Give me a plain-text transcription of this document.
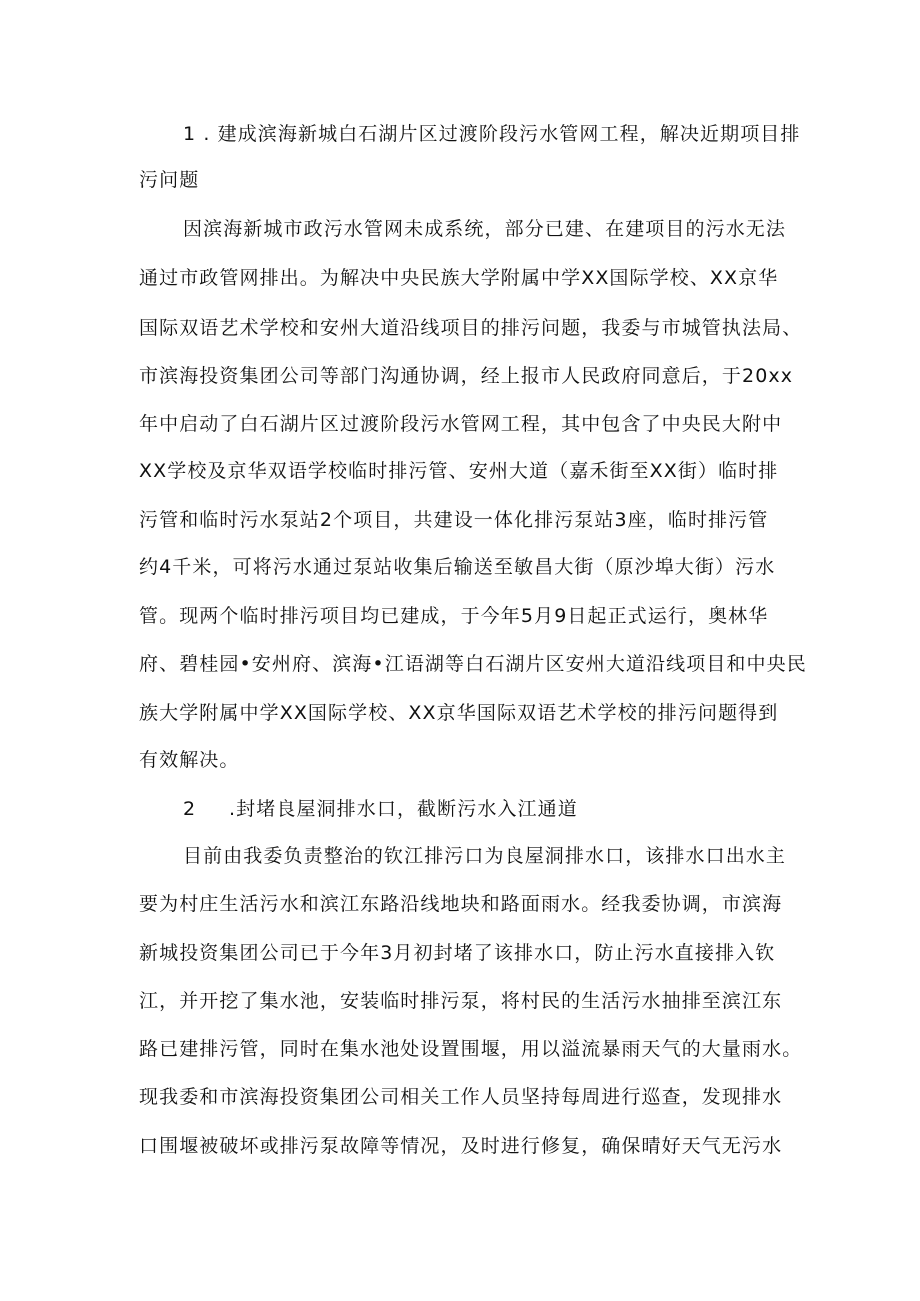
1 . 建成滨海新城白石湖片区过渡阶段污水管网工程，解决近期项目排
污问题
因滨海新城市政污水管网未成系统，部分已建、在建项目的污水无法
通过市政管网排出。为解决中央民族大学附属中学XX国际学校、XX京华
国际双语艺术学校和安州大道沿线项目的排污问题，我委与市城管执法局、
市滨海投资集团公司等部门沟通协调，经上报市人民政府同意后，于20xx
年中启动了白石湖片区过渡阶段污水管网工程，其中包含了中央民大附中
XX学校及京华双语学校临时排污管、安州大道（嘉禾街至XX街）临时排
污管和临时污水泵站2个项目，共建设一体化排污泵站3座，临时排污管
约4千米，可将污水通过泵站收集后输送至敏昌大街（原沙埠大街）污水
管。现两个临时排污项目均已建成，于今年5月9日起正式运行，奥林华
府、碧桂园•安州府、滨海•江语湖等白石湖片区安州大道沿线项目和中央民
族大学附属中学XX国际学校、XX京华国际双语艺术学校的排污问题得到
有效解决。
2 .封堵良屋洞排水口，截断污水入江通道
目前由我委负责整治的钦江排污口为良屋洞排水口，该排水口出水主
要为村庄生活污水和滨江东路沿线地块和路面雨水。经我委协调，市滨海
新城投资集团公司已于今年3月初封堵了该排水口，防止污水直接排入钦
江，并开挖了集水池，安装临时排污泵，将村民的生活污水抽排至滨江东
路已建排污管，同时在集水池处设置围堰，用以溢流暴雨天气的大量雨水。
现我委和市滨海投资集团公司相关工作人员坚持每周进行巡查，发现排水
口围堰被破坏或排污泵故障等情况，及时进行修复，确保晴好天气无污水
